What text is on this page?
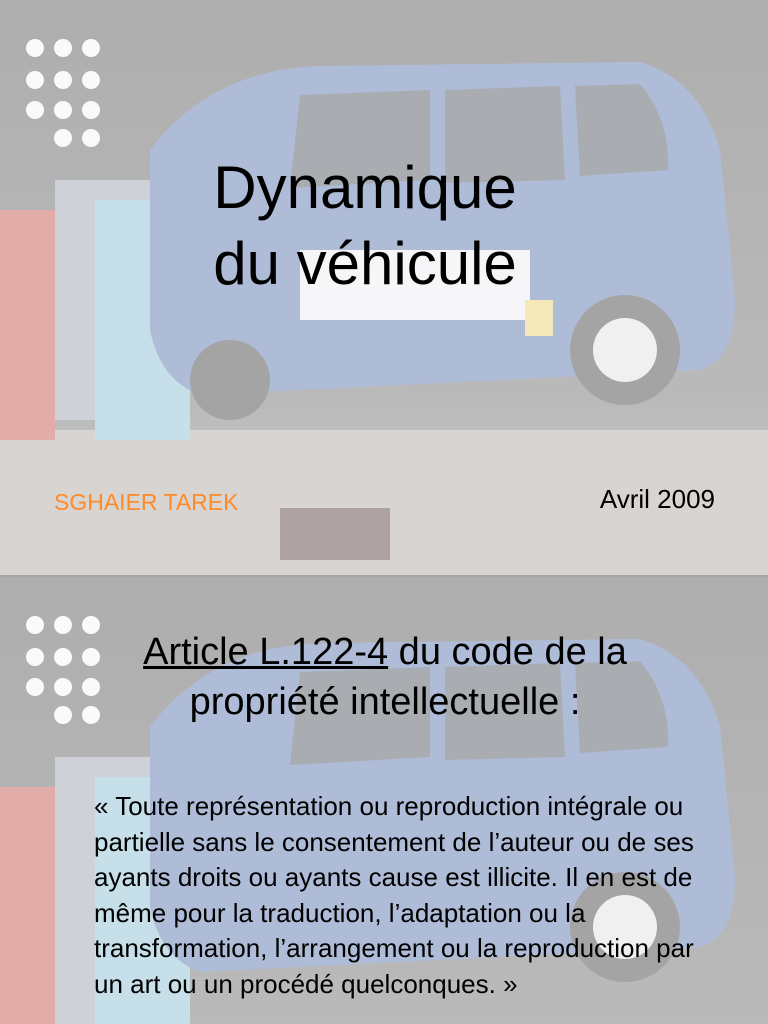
Dynamique
du véhicule
SGHAIER TAREK	Avril 2009
Article L.122-4 du code de la
propriété intellectuelle :

« Toute représentation ou reproduction intégrale ou partielle sans le consentement de l’auteur ou de ses ayants droits ou ayants cause est illicite. Il en est de même pour la traduction, l’adaptation ou la transformation, l’arrangement ou la reproduction par un art ou un procédé quelconques. »
